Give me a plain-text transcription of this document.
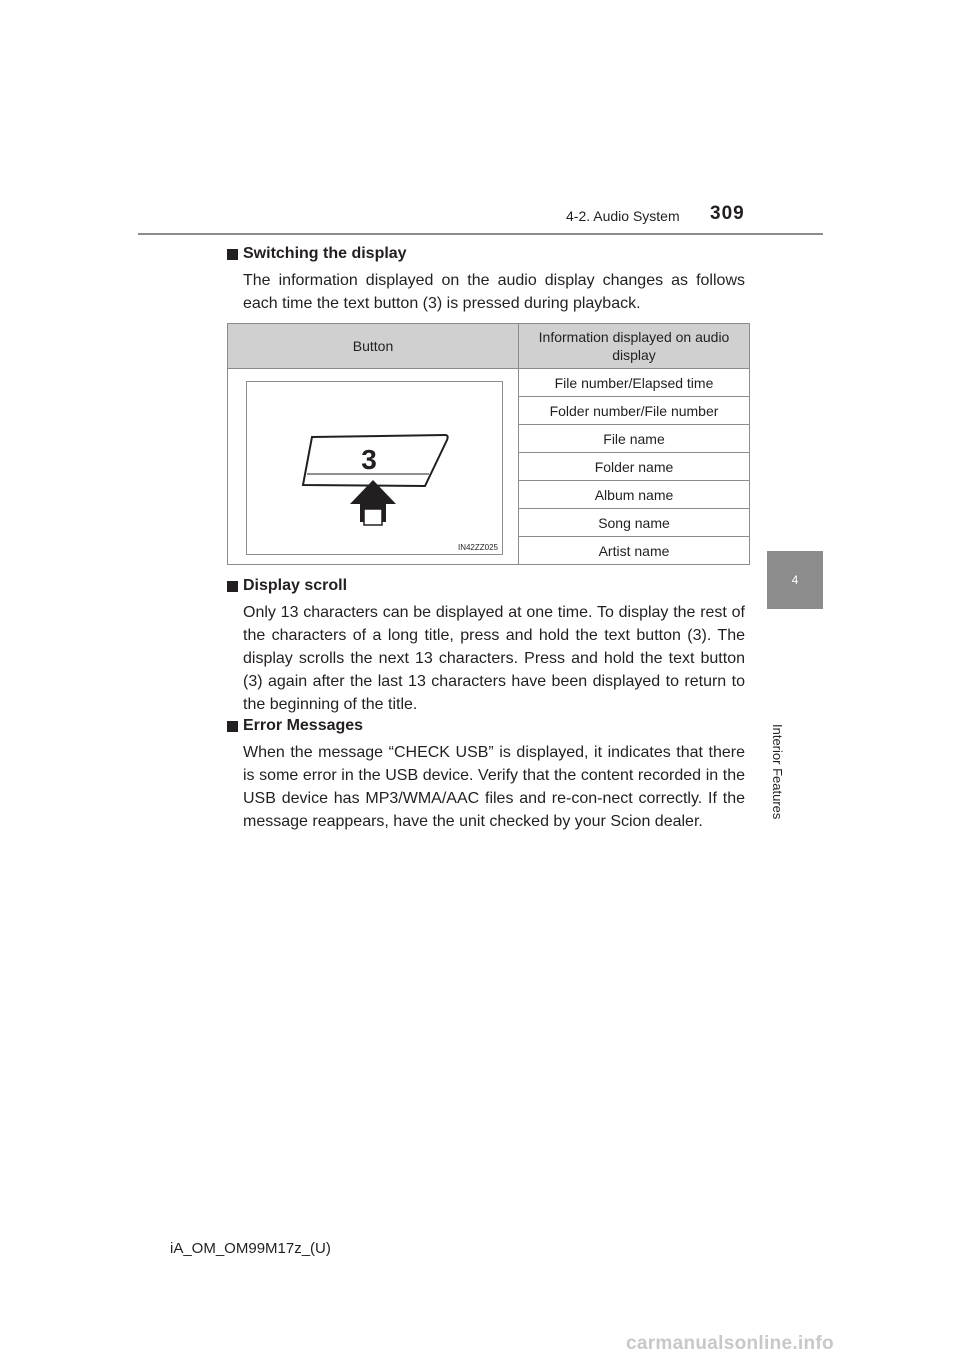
4-2. Audio System 309
4
Interior Features
Switching the display
The information displayed on the audio display changes as follows each time the text button (3) is pressed during playback.
Button	Information displayed on audio display

3
IN42ZZ025	File number/Elapsed time
	Folder number/File number
	File name
	Folder name
	Album name
	Song name
	Artist name
Display scroll
Only 13 characters can be displayed at one time. To display the rest of the characters of a long title, press and hold the text button (3). The display scrolls the next 13 characters. Press and hold the text button (3) again after the last 13 characters have been displayed to return to the beginning of the title.
Error Messages
When the message “CHECK USB” is displayed, it indicates that there is some error in the USB device. Verify that the content recorded in the USB device has MP3/WMA/AAC files and re-con-nect correctly. If the message reappears, have the unit checked by your Scion dealer.
iA_OM_OM99M17z_(U)
carmanualsonline.info
